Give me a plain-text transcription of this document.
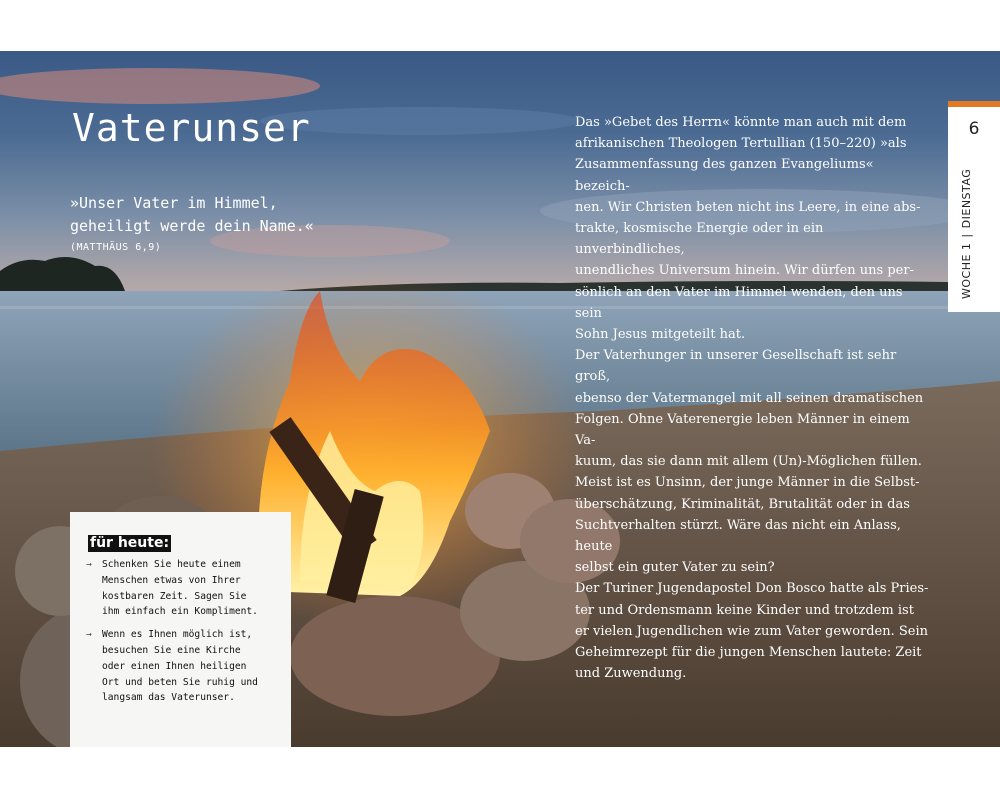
Vaterunser
»Unser Vater im Himmel,
geheiligt werde dein Name.«
(MATTHÄUS 6,9)

Das »Gebet des Herrn« könnte man auch mit dem

afrikanischen Theologen Tertullian (150–220) »als

Zusammenfassung des ganzen Evangeliums« bezeich-

nen. Wir Christen beten nicht ins Leere, in eine abs-

trakte, kosmische Energie oder in ein unverbindliches,

unendliches Universum hinein. Wir dürfen uns per-

sönlich an den Vater im Himmel wenden, den uns sein

Sohn Jesus mitgeteilt hat.

Der Vaterhunger in unserer Gesellschaft ist sehr groß,

ebenso der Vatermangel mit all seinen dramatischen

Folgen. Ohne Vaterenergie leben Männer in einem Va-

kuum, das sie dann mit allem (Un)-Möglichen füllen.

Meist ist es Unsinn, der junge Männer in die Selbst-

überschätzung, Kriminalität, Brutalität oder in das

Suchtverhalten stürzt. Wäre das nicht ein Anlass, heute

selbst ein guter Vater zu sein?

Der Turiner Jugendapostel Don Bosco hatte als Pries-

ter und Ordensmann keine Kinder und trotzdem ist

er vielen Jugendlichen wie zum Vater geworden. Sein

Geheimrezept für die jungen Menschen lautete: Zeit

und Zuwendung.

6
WOCHE 1|DIENSTAG
für heute:
→ Schenken Sie heute einem
Menschen etwas von Ihrer
kostbaren Zeit. Sagen Sie
ihm einfach ein Kompliment.
→ Wenn es Ihnen möglich ist,
besuchen Sie eine Kirche
oder einen Ihnen heiligen
Ort und beten Sie ruhig und
langsam das Vaterunser.
